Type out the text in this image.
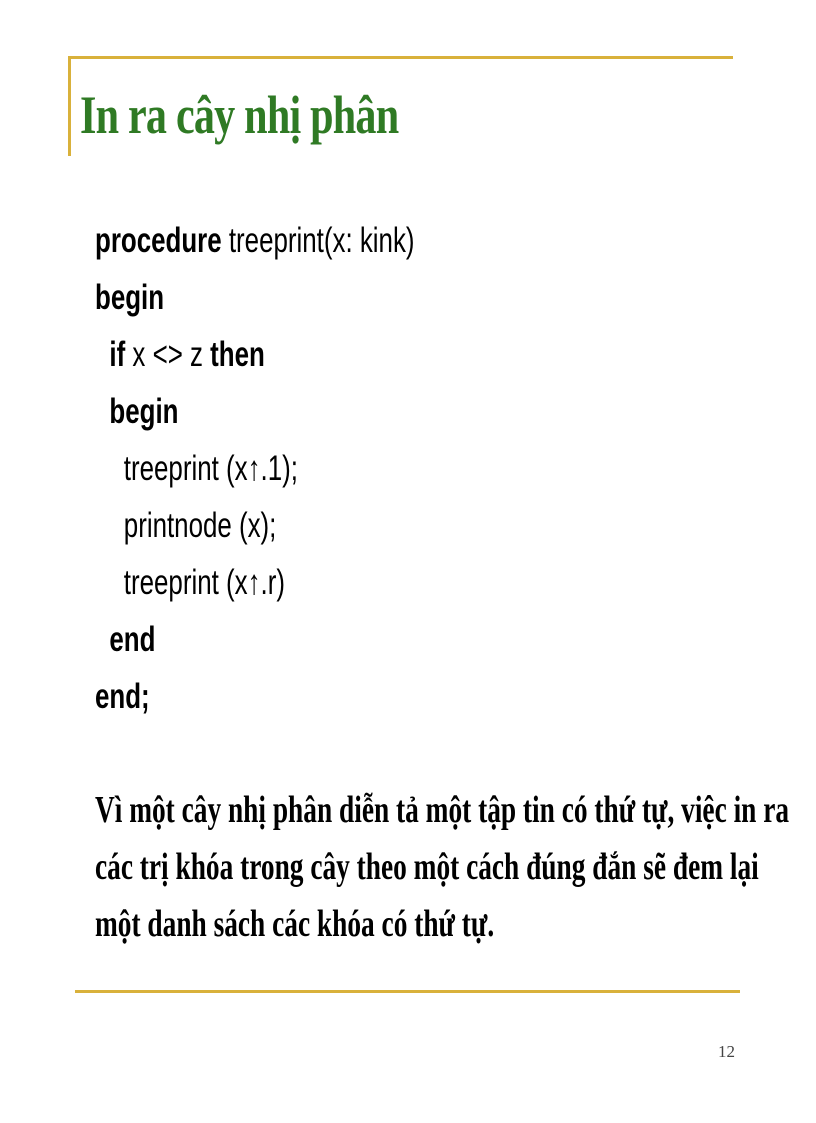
In ra cây nhị phân
procedure treeprint(x: kink)
begin
if x <> z then
begin
treeprint (x↑.1);
printnode (x);
treeprint (x↑.r)
end
end;
Vì một cây nhị phân diễn tả một tập tin có thứ tự, việc in ra
các trị khóa trong cây theo một cách đúng đắn sẽ đem lại
một danh sách các khóa có thứ tự.
12
